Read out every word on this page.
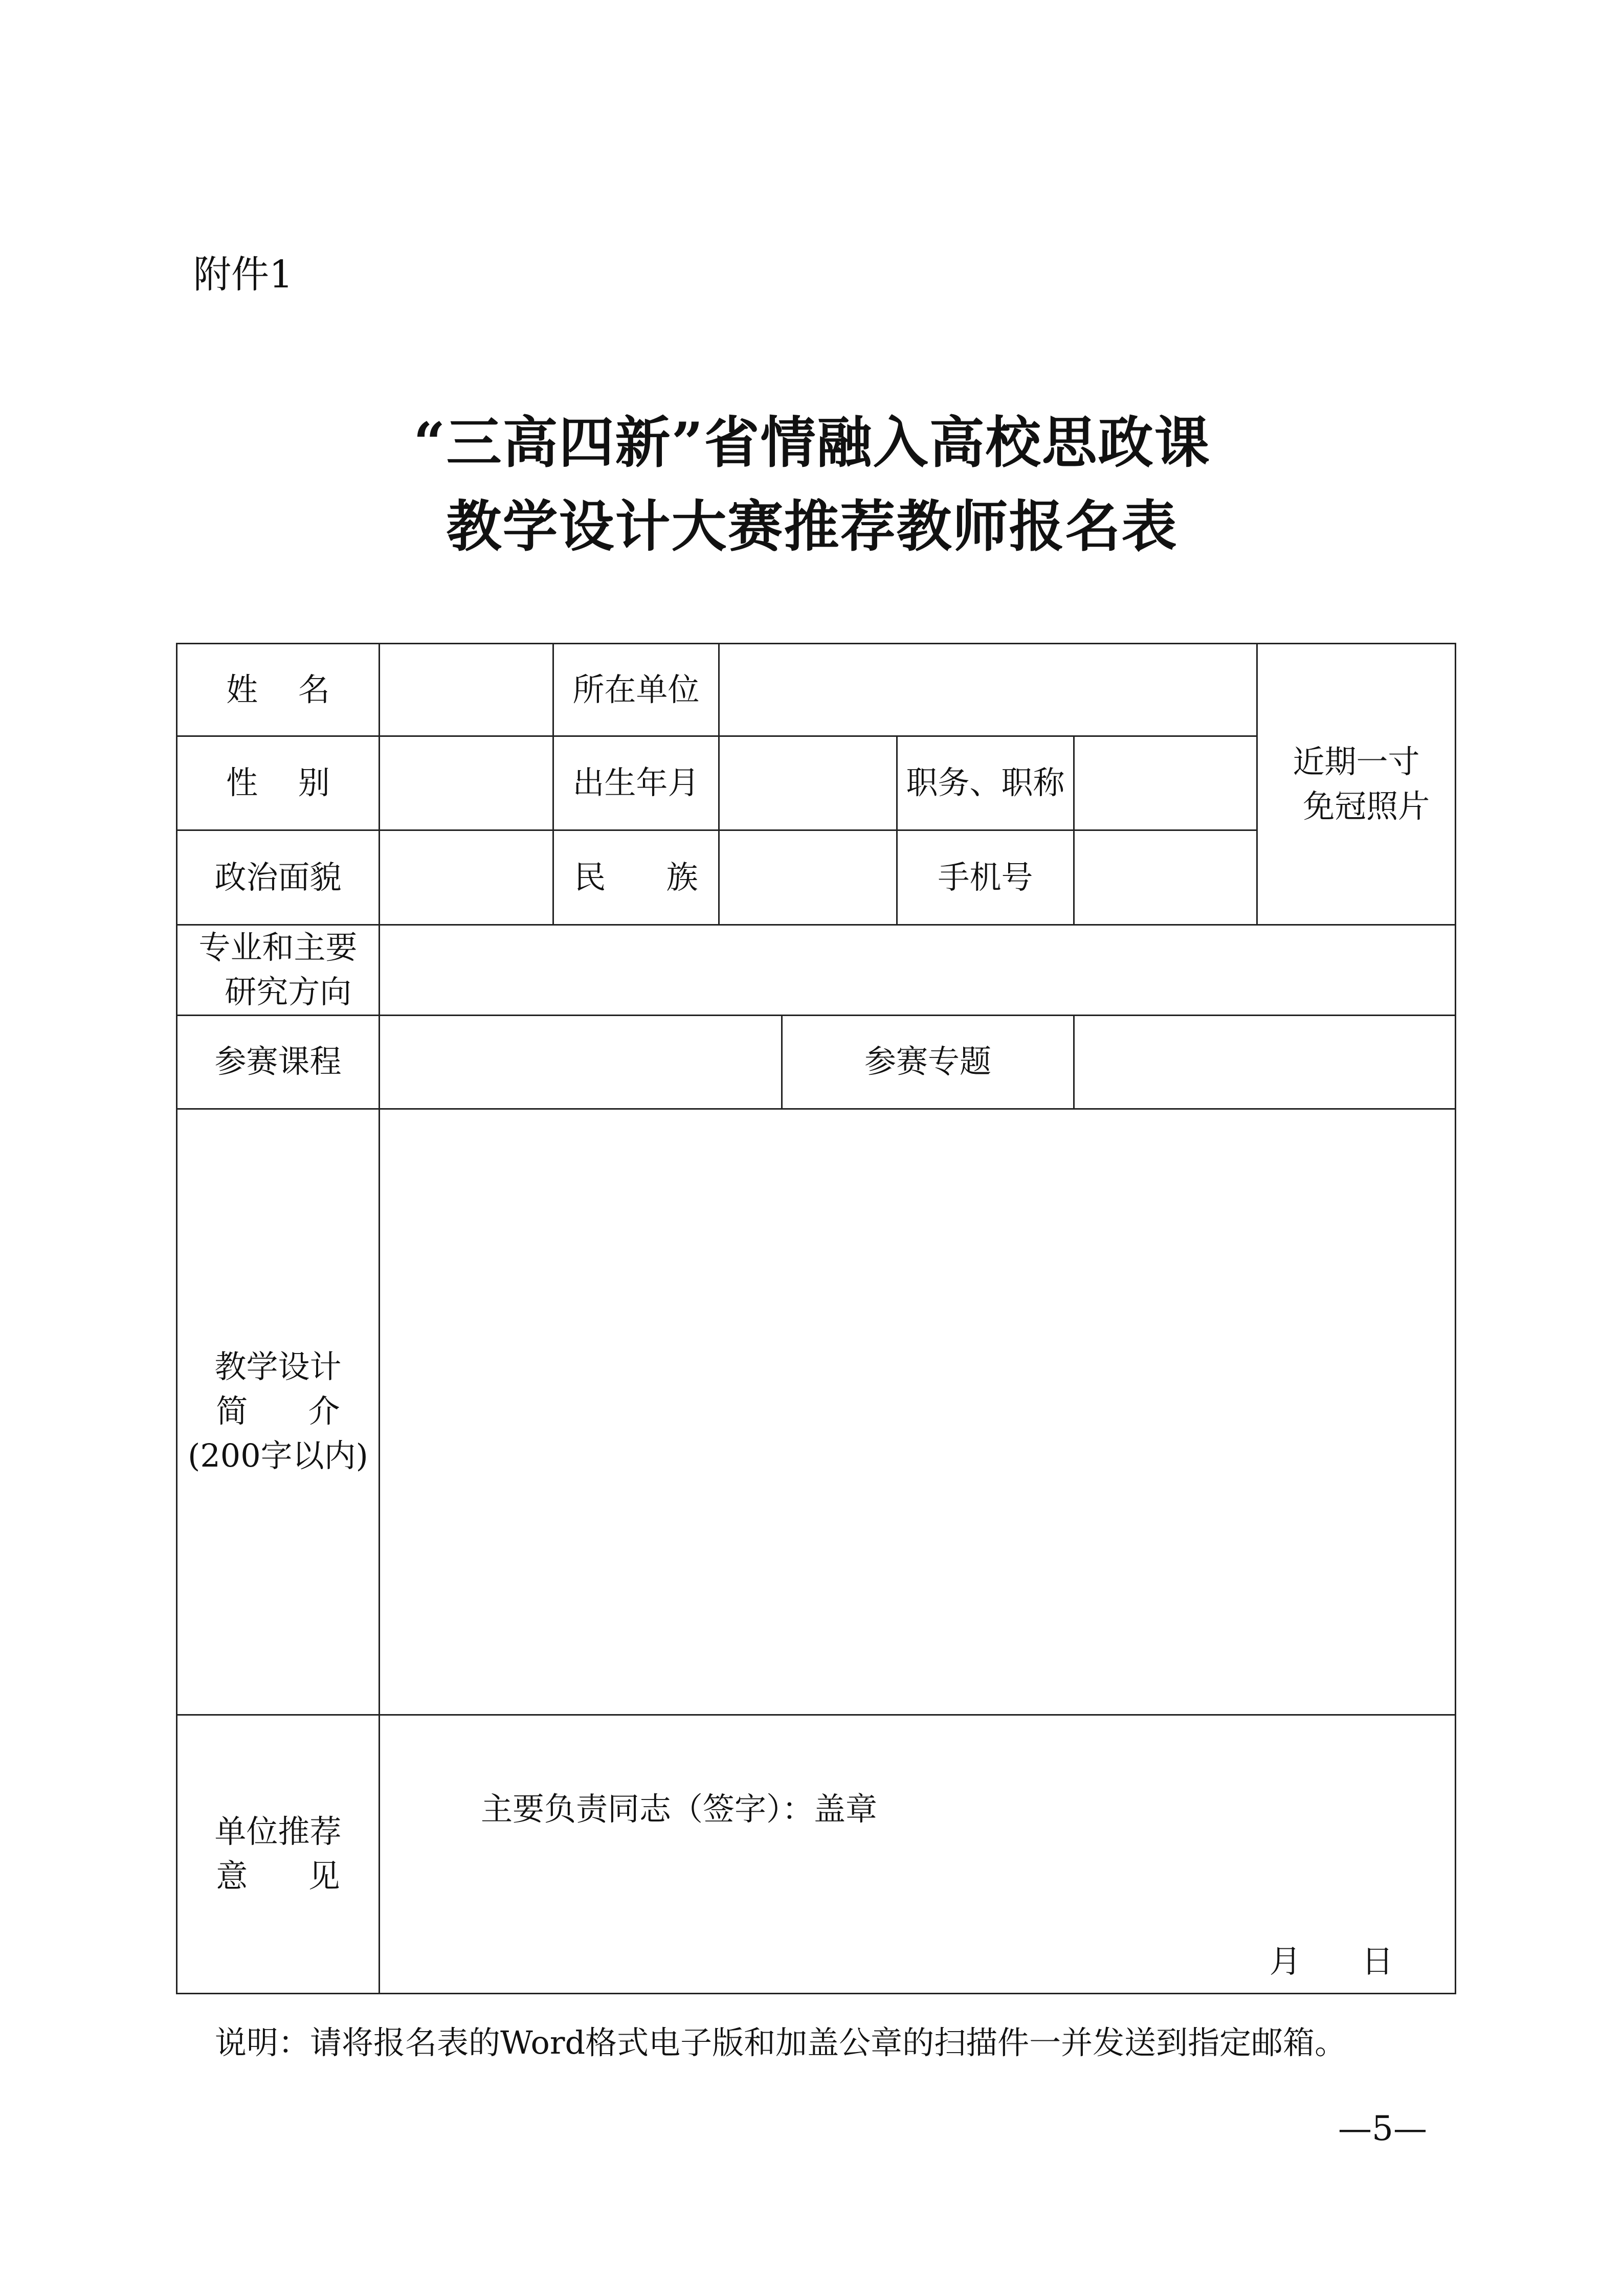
附件1
“三高四新”省情融入高校思政课
教学设计大赛推荐教师报名表
姓    名		所在单位					近期一寸
免冠照片
性    别		出生年月			职务、职称		
政治面貌		民      族			手机号		
专业和主要
研究方向							
参赛课程				参赛专题			
教学设计
简      介
(200字以内)							
单位推荐
意      见	主要负责同志（签字）：盖章
月      日						
说明：请将报名表的Word格式电子版和加盖公章的扫描件一并发送到指定邮箱。
—5—
